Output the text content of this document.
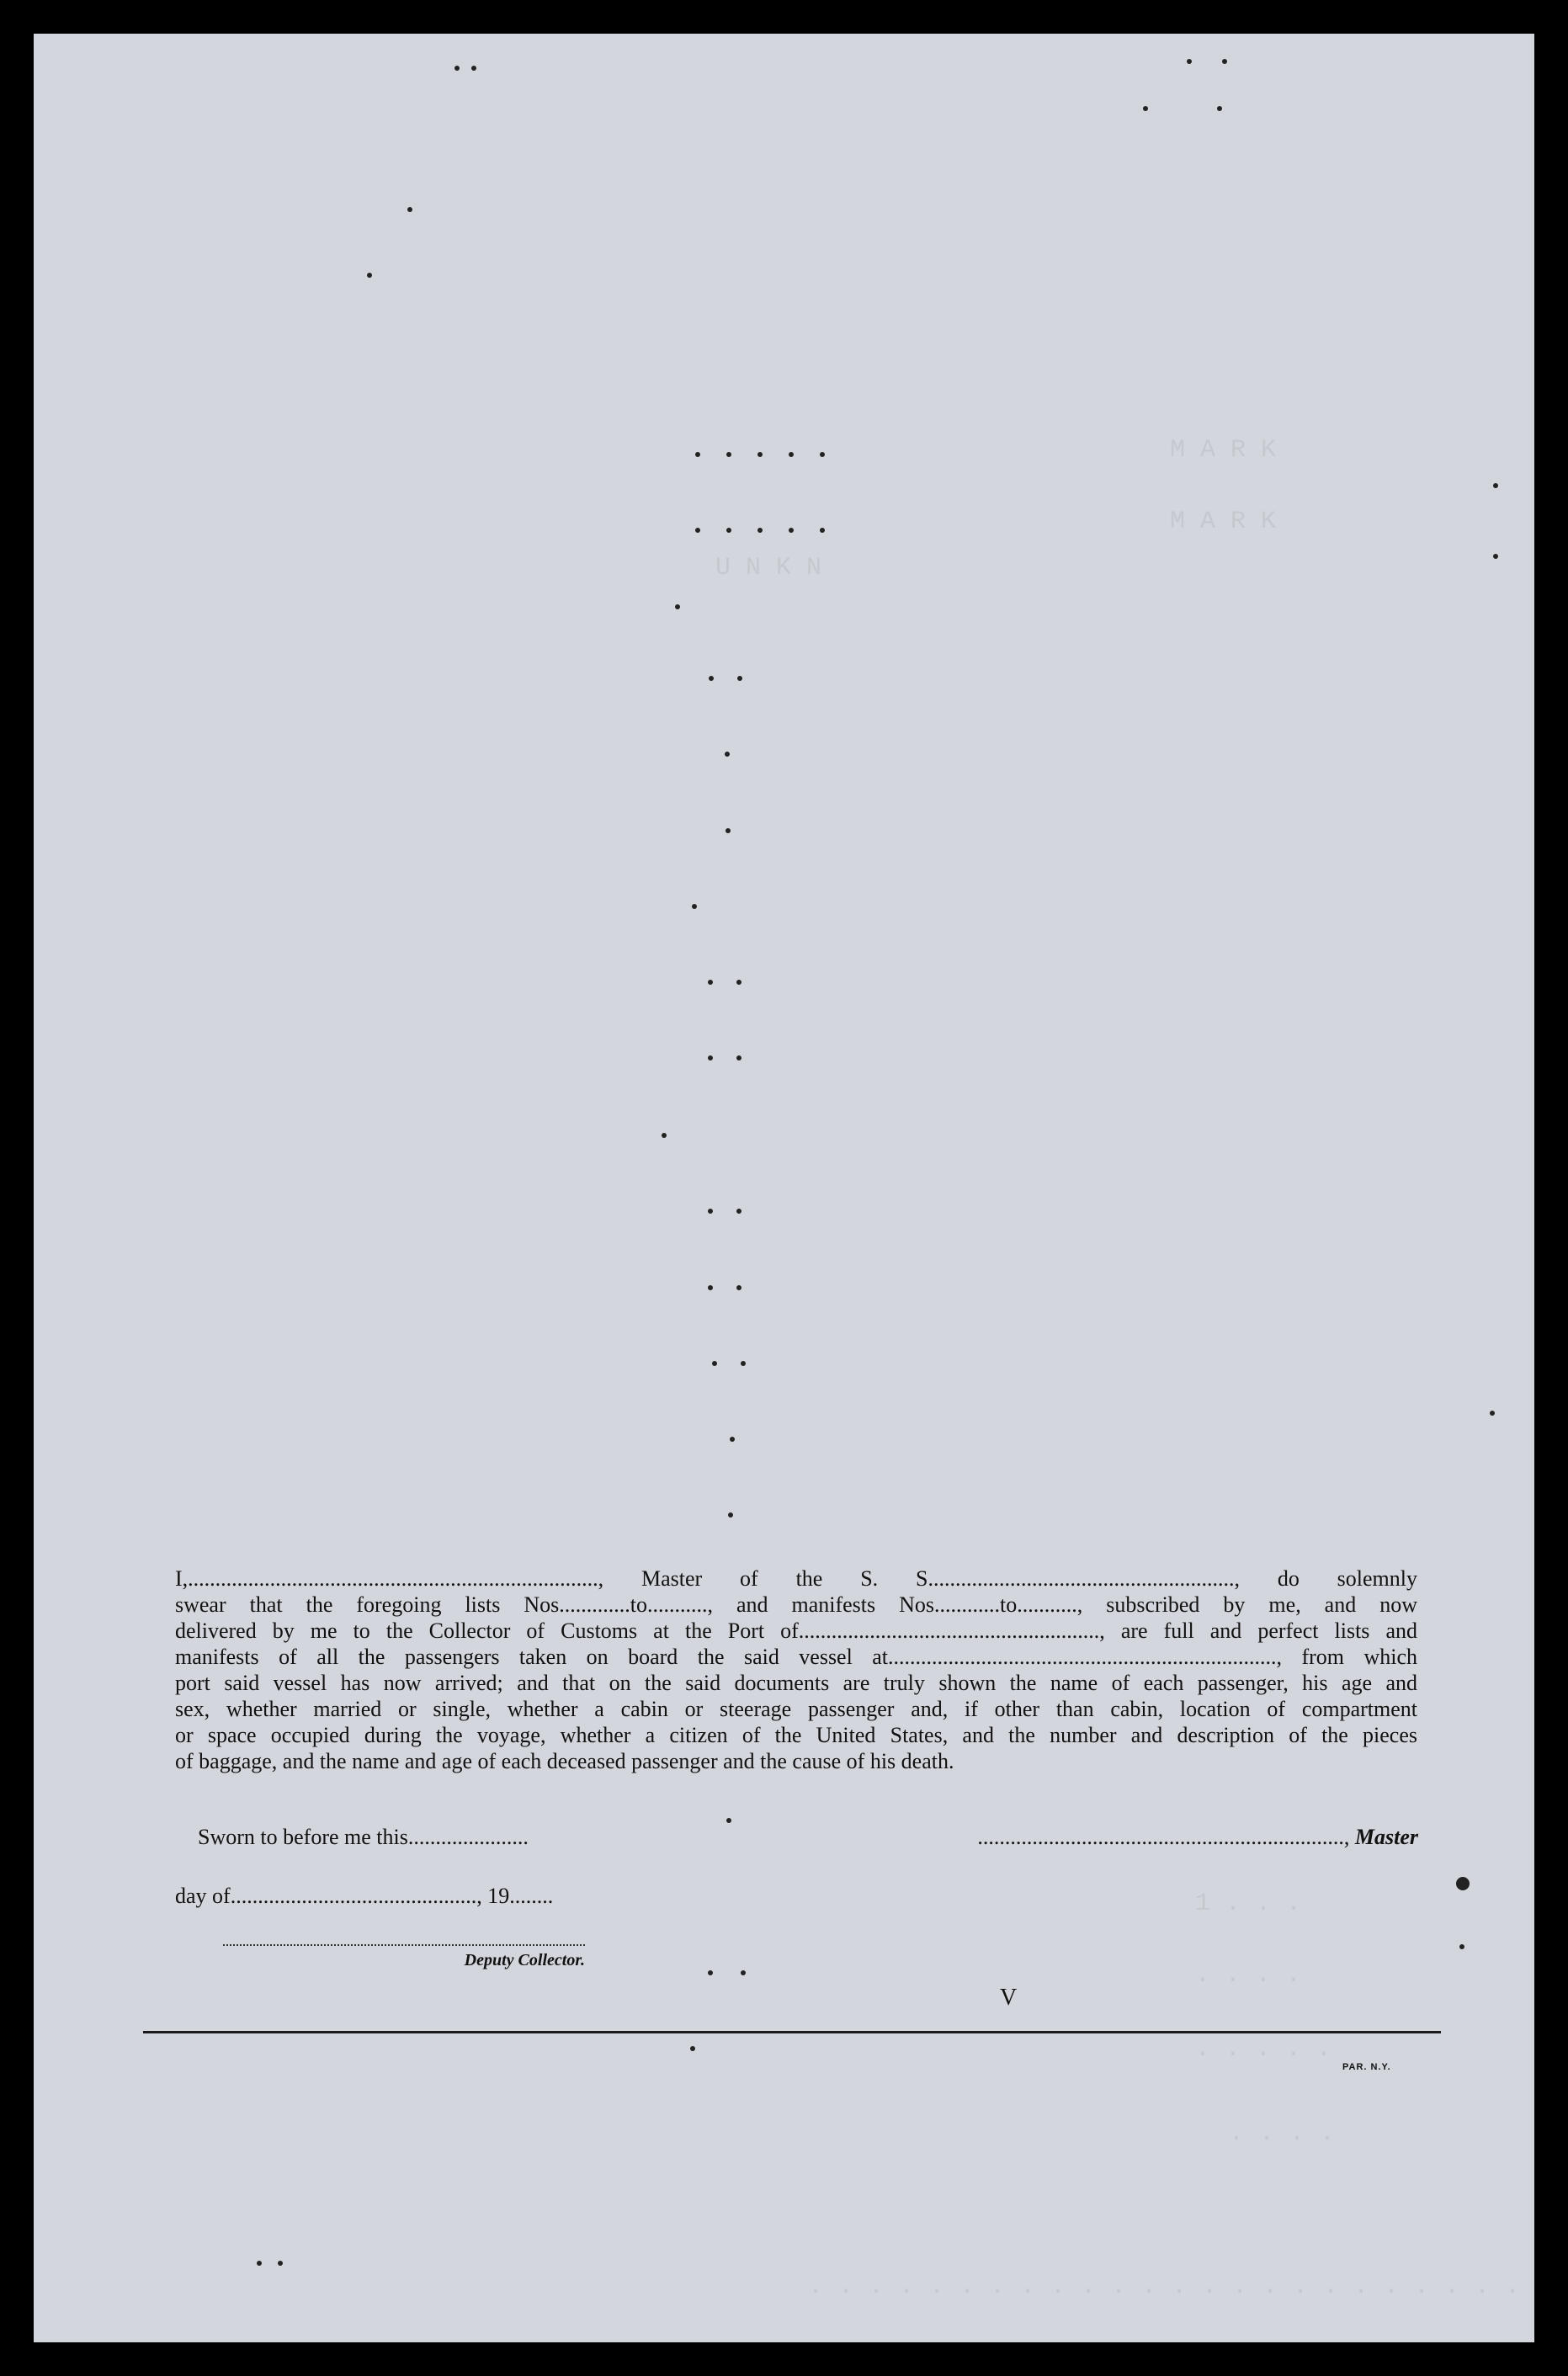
M A R K
M A R K
U N K N
1 . . .
. . . .
. . . . .
. . . .
. . . . . . . . . . . . . . . . . . . . . . . .

I,..........................................................................., Master of the S. S........................................................, do solemnly

swear that the foregoing lists Nos.............to..........., and manifests Nos............to..........., subscribed by me, and now

delivered by me to the Collector of Customs at the Port of......................................................., are full and perfect lists and

manifests of all the passengers taken on board the said vessel at......................................................................., from which

port said vessel has now arrived; and that on the said documents are truly shown the name of each passenger, his age and

sex, whether married or single, whether a cabin or steerage passenger and, if other than cabin, location of compartment

or space occupied during the voyage, whether a citizen of the United States, and the number and description of the pieces

of baggage, and the name and age of each deceased passenger and the cause of his death.

Sworn to before me this......................	..................................................................., Master
day of............................................., 19........
Deputy Collector.
V
PAR. N.Y.
